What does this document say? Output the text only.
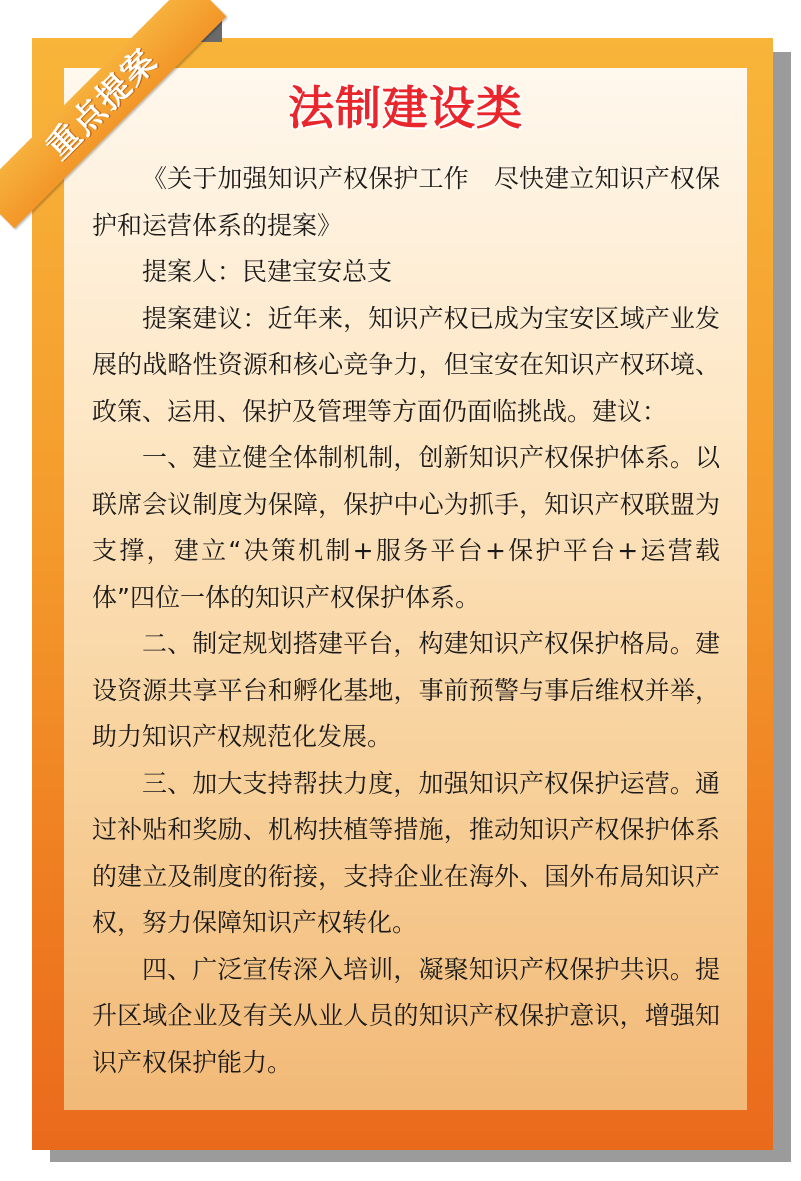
重点提案	法制建设类

《关于加强知识产权保护工作　尽快建立知识产权保护和运营体系的提案》

提案人：民建宝安总支

提案建议：近年来，知识产权已成为宝安区域产业发展的战略性资源和核心竞争力，但宝安在知识产权环境、政策、运用、保护及管理等方面仍面临挑战。建议：

一、建立健全体制机制，创新知识产权保护体系。以联席会议制度为保障，保护中心为抓手，知识产权联盟为支撑，建立“决策机制+服务平台+保护平台+运营载体”四位一体的知识产权保护体系。

二、制定规划搭建平台，构建知识产权保护格局。建设资源共享平台和孵化基地，事前预警与事后维权并举，助力知识产权规范化发展。

三、加大支持帮扶力度，加强知识产权保护运营。通过补贴和奖励、机构扶植等措施，推动知识产权保护体系的建立及制度的衔接，支持企业在海外、国外布局知识产权，努力保障知识产权转化。

四、广泛宣传深入培训，凝聚知识产权保护共识。提升区域企业及有关从业人员的知识产权保护意识，增强知识产权保护能力。
